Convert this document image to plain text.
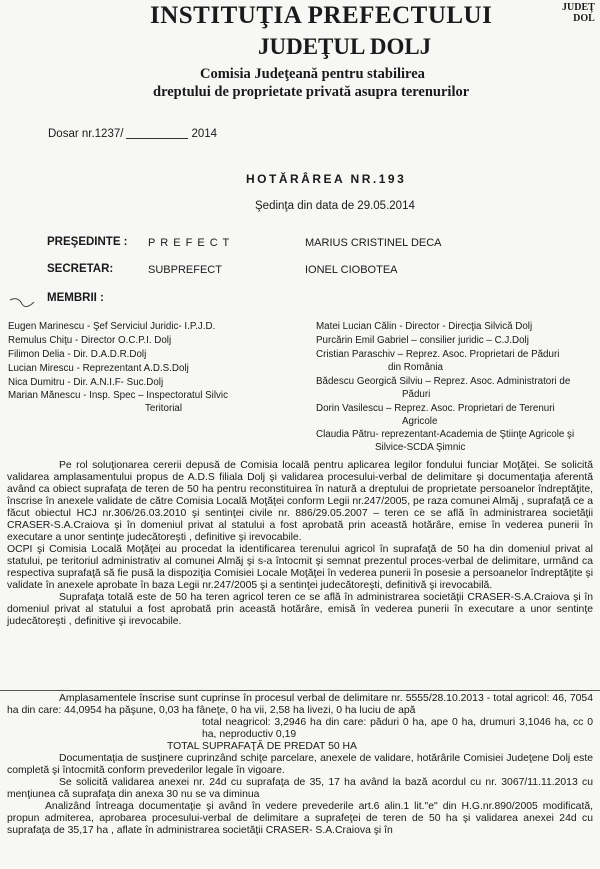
INSTITUŢIA PREFECTULUI
JUDEŢUL DOLJ
Comisia Judeţeană pentru stabilirea
dreptului de proprietate privată asupra terenurilor
JUDEŢ
DOL
Dosar nr.1237/	2014
HOTĂRÂREA NR.193
Şedinţa din data de 29.05.2014
PREŞEDINTE : P R E F E C T	MARIUS CRISTINEL DECA
SECRETAR:	SUBPREFECT	IONEL CIOBOTEA
MEMBRII :
Eugen Marinescu - Şef Serviciul Juridic- I.P.J.D.
Remulus Chiţu - Director O.C.P.I. Dolj
Filimon Delia - Dir. D.A.D.R.Dolj
Lucian Mirescu - Reprezentant A.D.S.Dolj
Nica Dumitru - Dir. A.N.I.F- Suc.Dolj
Marian Mănescu - Insp. Spec – Inspectoratul Silvic
Teritorial
Matei Lucian Călin - Director - Direcţia Silvică Dolj
Purcărin Emil Gabriel – consilier juridic – C.J.Dolj
Cristian Paraschiv – Reprez. Asoc. Proprietari de Păduri
din România
Bădescu Georgică Silviu – Reprez. Asoc. Administratori de
Păduri
Dorin Vasilescu – Reprez. Asoc. Proprietari de Terenuri
Agricole
Claudia Pătru- reprezentant-Academia de Ştiinţe Agricole şi
Silvice-SCDA Şimnic

Pe rol soluţionarea cererii depusă de Comisia locală pentru aplicarea legilor fondului funciar Moţăţei. Se solicită validarea amplasamentului propus de A.D.S filiala Dolj şi validarea procesului-verbal de delimitare şi documentaţia aferentă având ca obiect suprafaţa de teren de 50 ha pentru reconstituirea în natură a dreptului de proprietate persoanelor îndreptăţite, înscrise în anexele validate de către Comisia Locală Moţăţei conform Legii nr.247/2005, pe raza comunei Almăj , suprafaţă ce a făcut obiectul HCJ nr.306/26.03.2010 şi sentinţei civile nr. 886/29.05.2007 – teren ce se află în administrarea societăţii CRASER-S.A.Craiova şi în domeniul privat al statului a fost aprobată prin această hotărâre, emise în vederea punerii în executare a unor sentinţe judecătoreşti , definitive şi irevocabile.

OCPI şi Comisia Locală Moţăţei au procedat la identificarea terenului agricol în suprafaţă de 50 ha din domeniul privat al statului, pe teritoriul administrativ al comunei Almăj şi s-a întocmit şi semnat prezentul proces-verbal de delimitare, urmând ca respectiva suprafaţă să fie pusă la dispoziţia Comisiei Locale Moţăţei în vederea punerii în posesie a persoanelor îndreptăţite şi validate în anexele aprobate în baza Legii nr.247/2005 şi a sentinţei judecătoreşti, definitivă şi irevocabilă.

Suprafaţa totală este de 50 ha teren agricol teren ce se află în administrarea societăţii CRASER-S.A.Craiova şi în domeniul privat al statului a fost aprobată prin această hotărâre, emisă în vederea punerii în executare a unor sentinţe judecătoreşti , definitive şi irevocabile.

Amplasamentele înscrise sunt cuprinse în procesul verbal de delimitare nr. 5555/28.10.2013 - total agricol: 46, 7054 ha din care: 44,0954 ha păşune, 0,03 ha fâneţe, 0 ha vii, 2,58 ha livezi, 0 ha luciu de apă

total neagricol: 3,2946 ha din care: păduri 0 ha, ape 0 ha, drumuri 3,1046 ha, cc 0 ha, neproductiv 0,19

TOTAL SUPRAFAŢĂ DE PREDAT 50 HA

Documentaţia de susţinere cuprinzând schiţe parcelare, anexele de validare, hotărârile Comisiei Judeţene Dolj este completă şi întocmită conform prevederilor legale în vigoare.

Se solicită validarea anexei nr. 24d cu suprafaţa de 35, 17 ha având la bază acordul cu nr. 3067/11.11.2013 cu menţiunea că suprafaţa din anexa 30 nu se va diminua

Analizând întreaga documentaţie şi având în vedere prevederile art.6 alin.1 lit."e" din H.G.nr.890/2005 modificată, propun admiterea, aprobarea procesului-verbal de delimitare a suprafeţei de teren de 50 ha şi validarea anexei 24d cu suprafaţa de 35,17 ha , aflate în administrarea societăţii CRASER- S.A.Craiova şi în
